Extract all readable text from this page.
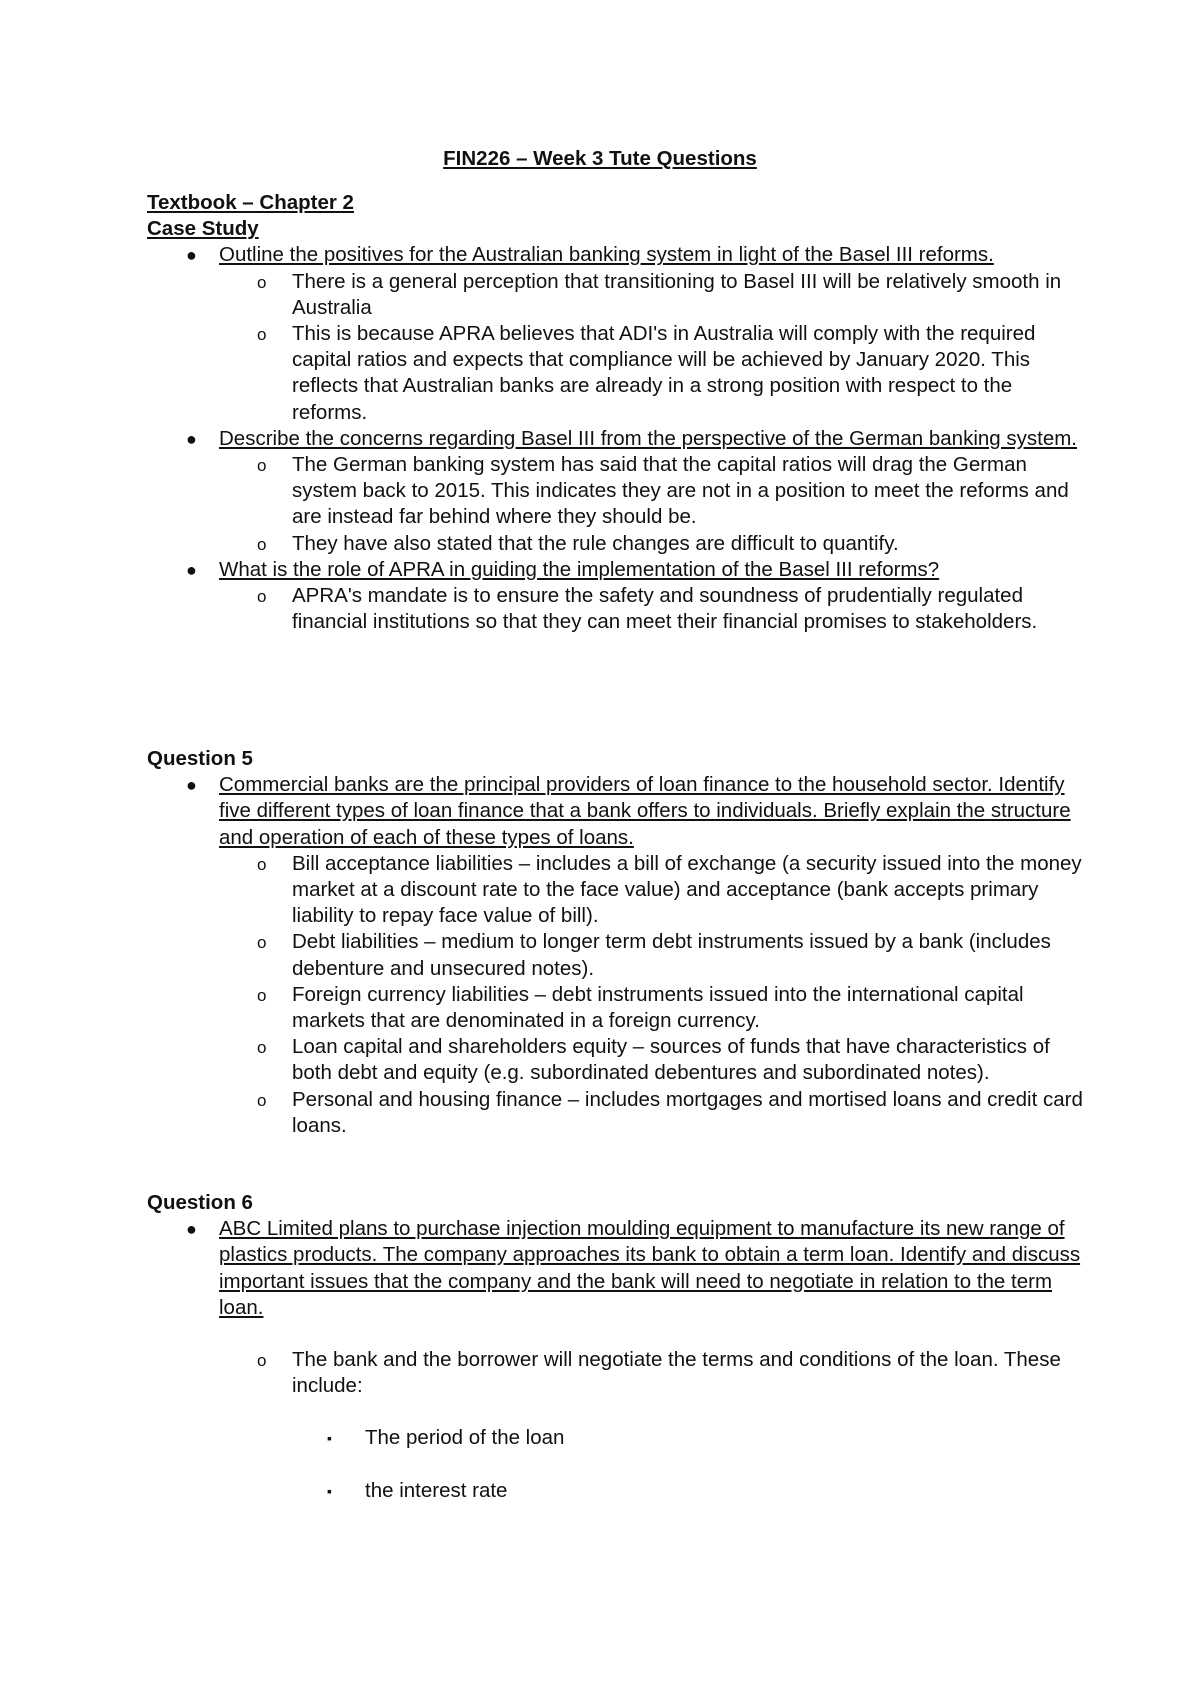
FIN226 – Week 3 Tute Questions
Textbook – Chapter 2
Case Study
● Outline the positives for the Australian banking system in light of the Basel III reforms.
o There is a general perception that transitioning to Basel III will be relatively smooth in Australia
o This is because APRA believes that ADI's in Australia will comply with the required capital ratios and expects that compliance will be achieved by January 2020. This reflects that Australian banks are already in a strong position with respect to the reforms.
● Describe the concerns regarding Basel III from the perspective of the German banking system.
o The German banking system has said that the capital ratios will drag the German system back to 2015. This indicates they are not in a position to meet the reforms and are instead far behind where they should be.
o They have also stated that the rule changes are difficult to quantify.
● What is the role of APRA in guiding the implementation of the Basel III reforms?
o APRA's mandate is to ensure the safety and soundness of prudentially regulated financial institutions so that they can meet their financial promises to stakeholders.
Question 5
● Commercial banks are the principal providers of loan finance to the household sector. Identify five different types of loan finance that a bank offers to individuals. Briefly explain the structure and operation of each of these types of loans.
o Bill acceptance liabilities – includes a bill of exchange (a security issued into the money market at a discount rate to the face value) and acceptance (bank accepts primary liability to repay face value of bill).
o Debt liabilities – medium to longer term debt instruments issued by a bank (includes debenture and unsecured notes).
o Foreign currency liabilities – debt instruments issued into the international capital markets that are denominated in a foreign currency.
o Loan capital and shareholders equity – sources of funds that have characteristics of both debt and equity (e.g. subordinated debentures and subordinated notes).
o Personal and housing finance – includes mortgages and mortised loans and credit card loans.
Question 6
● ABC Limited plans to purchase injection moulding equipment to manufacture its new range of plastics products. The company approaches its bank to obtain a term loan. Identify and discuss important issues that the company and the bank will need to negotiate in relation to the term loan.
o The bank and the borrower will negotiate the terms and conditions of the loan. These include:
▪ The period of the loan
▪ the interest rate
